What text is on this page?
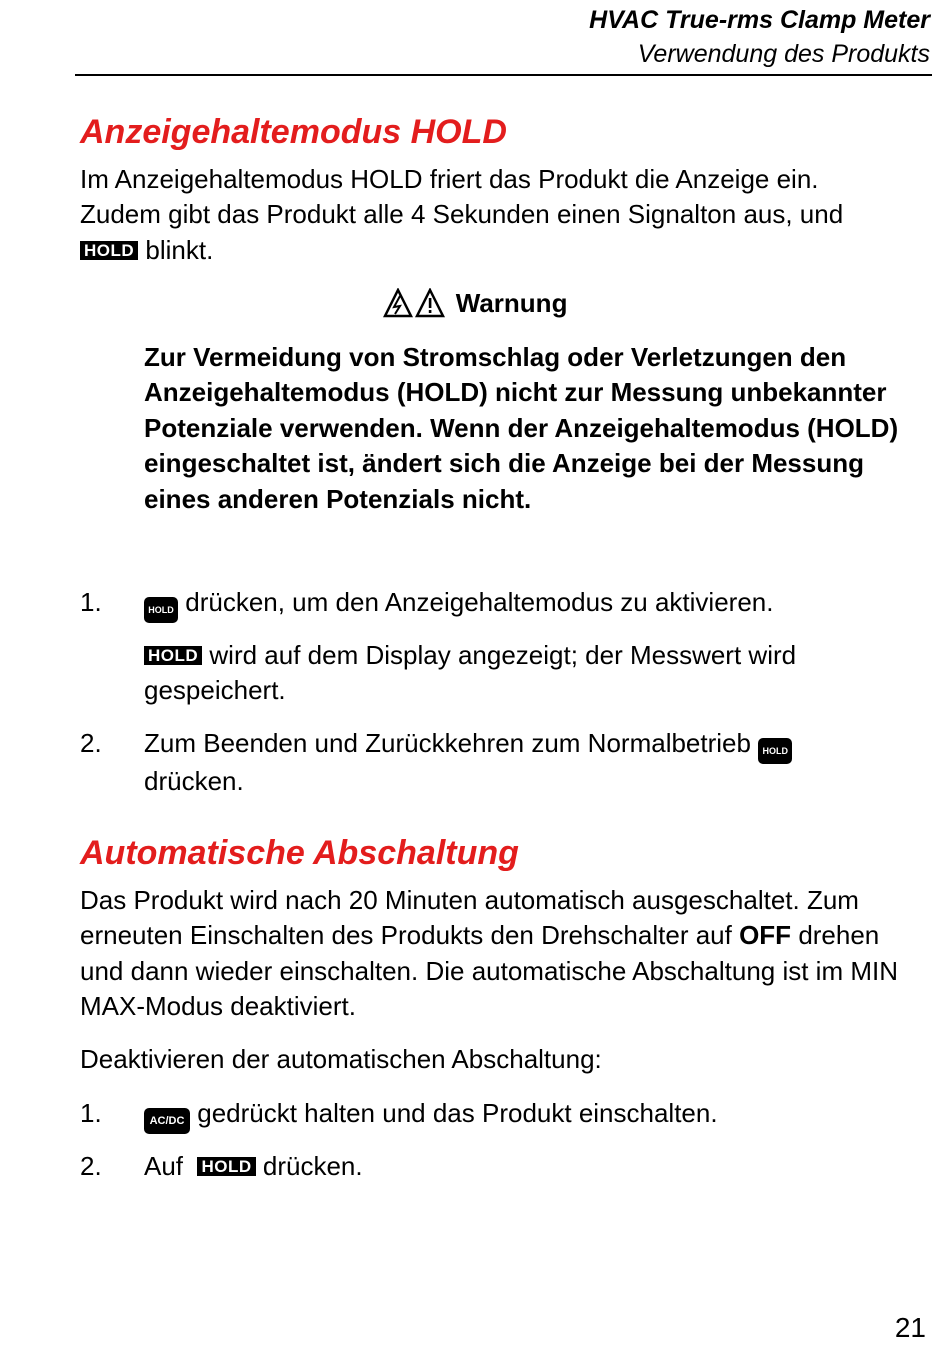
HVAC True-rms Clamp Meter
Verwendung des Produkts
Anzeigehaltemodus HOLD
Im Anzeigehaltemodus HOLD friert das Produkt die Anzeige ein.
Zudem gibt das Produkt alle 4 Sekunden einen Signalton aus, und
HOLD blinkt.
Warnung
Zur Vermeidung von Stromschlag oder Verletzungen den Anzeigehaltemodus (HOLD) nicht zur Messung unbekannter Potenziale verwenden. Wenn der Anzeigehaltemodus (HOLD) eingeschaltet ist, ändert sich die Anzeige bei der Messung eines anderen Potenzials nicht.
1.	HOLD drücken, um den Anzeigehaltemodus zu aktivieren.
HOLD wird auf dem Display angezeigt; der Messwert wird gespeichert.
2. Zum Beenden und Zurückkehren zum Normalbetrieb HOLD
drücken.
Automatische Abschaltung
Das Produkt wird nach 20 Minuten automatisch ausgeschaltet. Zum erneuten Einschalten des Produkts den Drehschalter auf OFF drehen und dann wieder einschalten. Die automatische Abschaltung ist im MIN MAX-Modus deaktiviert.
Deaktivieren der automatischen Abschaltung:
1.	AC/DC gedrückt halten und das Produkt einschalten.
2. Auf HOLD drücken.
21
